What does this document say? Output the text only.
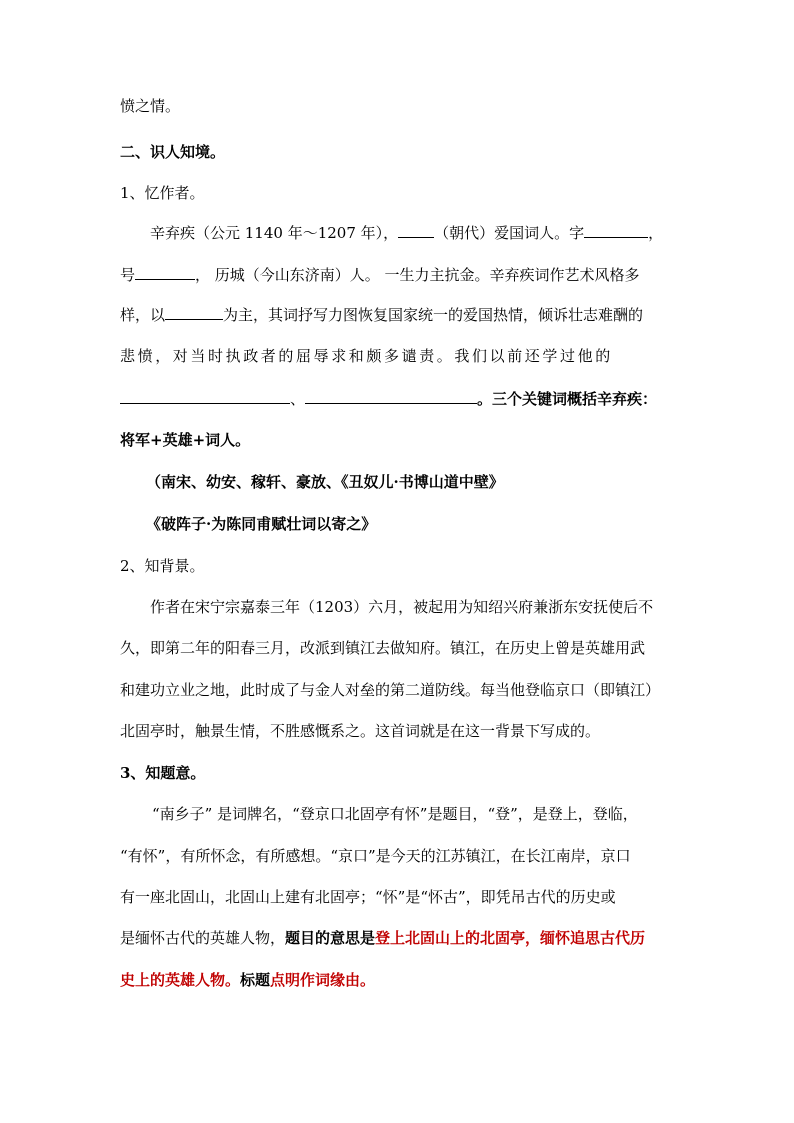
愤之情。
二、识人知境。
1、忆作者。
辛弃疾（公元 1140 年～1207 年）， （朝代）爱国词人。字	，
号	， 历城（今山东济南）人。 一生力主抗金。辛弃疾词作艺术风格多
样，以	为主，其词抒写力图恢复国家统一的爱国热情，倾诉壮志难酬的
悲愤，对当时执政者的屈辱求和颇多谴责。我们以前还学过他的
、	。三个关键词概括辛弃疾：
将军+英雄+词人。
（南宋、幼安、稼轩、豪放、《丑奴儿·书博山道中壁》
《破阵子·为陈同甫赋壮词以寄之》
2、知背景。
作者在宋宁宗嘉泰三年（1203）六月，被起用为知绍兴府兼浙东安抚使后不
久，即第二年的阳春三月，改派到镇江去做知府。镇江，在历史上曾是英雄用武
和建功立业之地，此时成了与金人对垒的第二道防线。每当他登临京口（即镇江）
北固亭时，触景生情，不胜感慨系之。这首词就是在这一背景下写成的。
3、知题意。
“南乡子” 是词牌名，“登京口北固亭有怀”是题目，“登”，是登上，登临，
“有怀”，有所怀念，有所感想。“京口”是今天的江苏镇江，在长江南岸，京口
有一座北固山，北固山上建有北固亭；“怀”是“怀古”，即凭吊古代的历史或
是缅怀古代的英雄人物，题目的意思是登上北固山上的北固亭，缅怀追思古代历
史上的英雄人物。标题点明作词缘由。
